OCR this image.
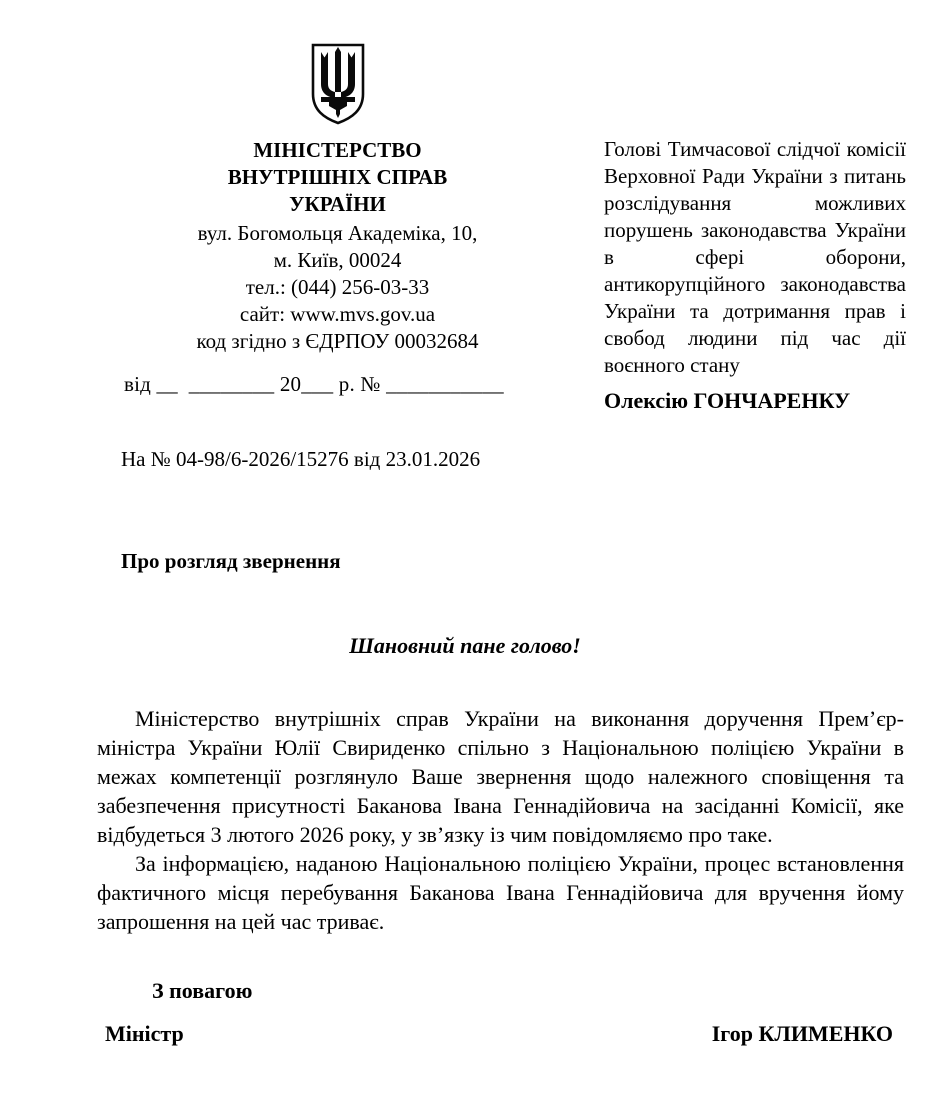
МІНІСТЕРСТВО
ВНУТРІШНІХ СПРАВ
УКРАЇНИ
вул. Богомольця Академіка, 10,
м. Київ, 00024
тел.: (044) 256-03-33
сайт: www.mvs.gov.ua
код згідно з ЄДРПОУ 00032684
від __  ________ 20___ р. № ___________
Голові Тимчасової слідчої комісії Верховної Ради України з питань розслідування можливих порушень законодавства України в сфері оборони, антикорупційного законодавства України та дотримання прав і свобод людини під час дії воєнного стану
Олексію ГОНЧАРЕНКУ
На № 04-98/6-2026/15276 від 23.01.2026
Про розгляд звернення
Шановний пане голово!

Міністерство внутрішніх справ України на виконання доручення Прем’єр-міністра України Юлії Свириденко спільно з Національною поліцією України в межах компетенції розглянуло Ваше звернення щодо належного сповіщення та забезпечення присутності Баканова Івана Геннадійовича на засіданні Комісії, яке відбудеться 3 лютого 2026 року, у зв’язку із чим повідомляємо про таке.

За інформацією, наданою Національною поліцією України, процес встановлення фактичного місця перебування Баканова Івана Геннадійовича для вручення йому запрошення на цей час триває.

З повагою
Міністр	Ігор КЛИМЕНКО
